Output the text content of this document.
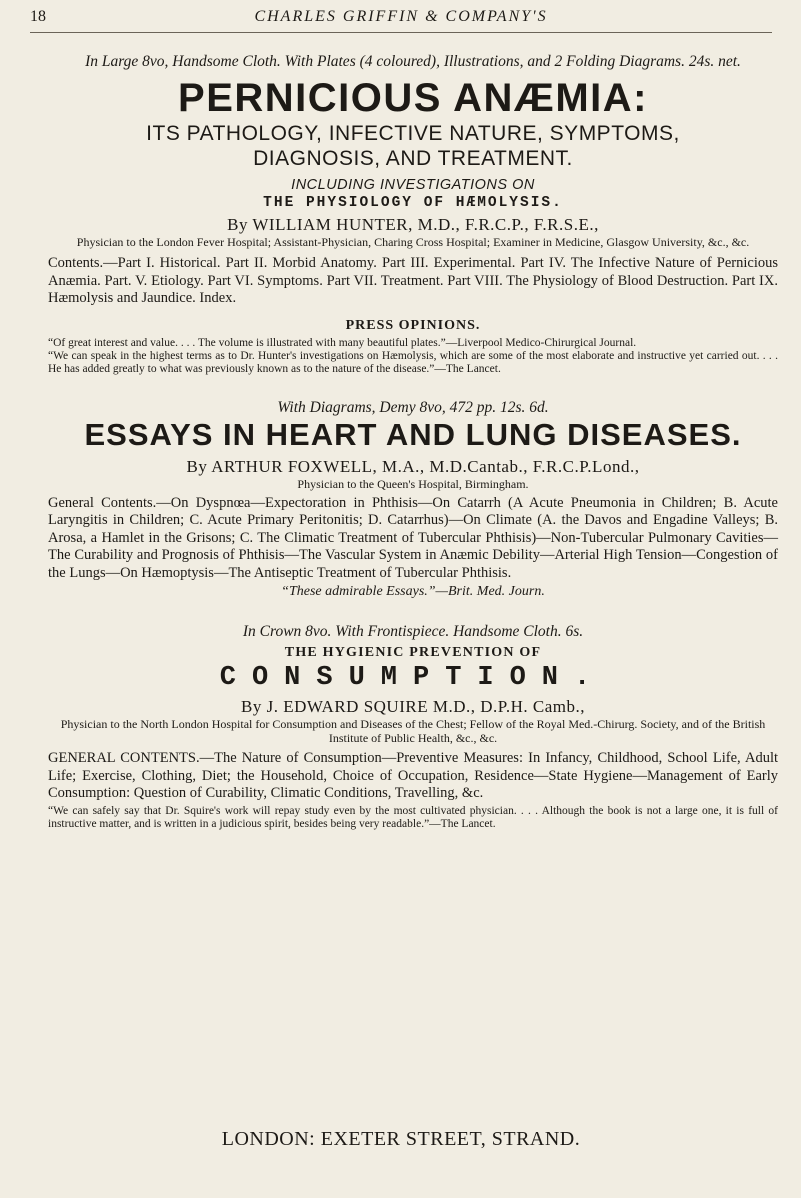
18	CHARLES GRIFFIN & COMPANY'S
In Large 8vo, Handsome Cloth. With Plates (4 coloured), Illustrations, and 2 Folding Diagrams. 24s. net.
PERNICIOUS ANÆMIA:
ITS PATHOLOGY, INFECTIVE NATURE, SYMPTOMS,
DIAGNOSIS, AND TREATMENT.
INCLUDING INVESTIGATIONS ON
THE PHYSIOLOGY OF HÆMOLYSIS.
By WILLIAM HUNTER, M.D., F.R.C.P., F.R.S.E.,
Physician to the London Fever Hospital; Assistant-Physician, Charing Cross Hospital; Examiner in Medicine, Glasgow University, &c., &c.
Contents.—Part I. Historical. Part II. Morbid Anatomy. Part III. Experimental. Part IV. The Infective Nature of Pernicious Anæmia. Part. V. Etiology. Part VI. Symptoms. Part VII. Treatment. Part VIII. The Physiology of Blood Destruction. Part IX. Hæmolysis and Jaundice. Index.
PRESS OPINIONS.
“Of great interest and value. . . . The volume is illustrated with many beautiful plates.”—Liverpool Medico-Chirurgical Journal.
“We can speak in the highest terms as to Dr. Hunter's investigations on Hæmolysis, which are some of the most elaborate and instructive yet carried out. . . . He has added greatly to what was previously known as to the nature of the disease.”—The Lancet.
With Diagrams, Demy 8vo, 472 pp. 12s. 6d.
ESSAYS IN HEART AND LUNG DISEASES.
By ARTHUR FOXWELL, M.A., M.D.Cantab., F.R.C.P.Lond.,
Physician to the Queen's Hospital, Birmingham.
General Contents.—On Dyspnœa—Expectoration in Phthisis—On Catarrh (A Acute Pneumonia in Children; B. Acute Laryngitis in Children; C. Acute Primary Peritonitis; D. Catarrhus)—On Climate (A. the Davos and Engadine Valleys; B. Arosa, a Hamlet in the Grisons; C. The Climatic Treatment of Tubercular Phthisis)—Non-Tubercular Pulmonary Cavities—The Curability and Prognosis of Phthisis—The Vascular System in Anæmic Debility—Arterial High Tension—Congestion of the Lungs—On Hæmoptysis—The Antiseptic Treatment of Tubercular Phthisis.
“These admirable Essays.”—Brit. Med. Journ.
In Crown 8vo. With Frontispiece. Handsome Cloth. 6s.
THE HYGIENIC PREVENTION OF
CONSUMPTION.
By J. EDWARD SQUIRE M.D., D.P.H. Camb.,
Physician to the North London Hospital for Consumption and Diseases of the Chest; Fellow of the Royal Med.-Chirurg. Society, and of the British Institute of Public Health, &c., &c.
GENERAL CONTENTS.—The Nature of Consumption—Preventive Measures: In Infancy, Childhood, School Life, Adult Life; Exercise, Clothing, Diet; the Household, Choice of Occupation, Residence—State Hygiene—Management of Early Consumption: Question of Curability, Climatic Conditions, Travelling, &c.
“We can safely say that Dr. Squire's work will repay study even by the most cultivated physician. . . . Although the book is not a large one, it is full of instructive matter, and is written in a judicious spirit, besides being very readable.”—The Lancet.
LONDON: EXETER STREET, STRAND.
